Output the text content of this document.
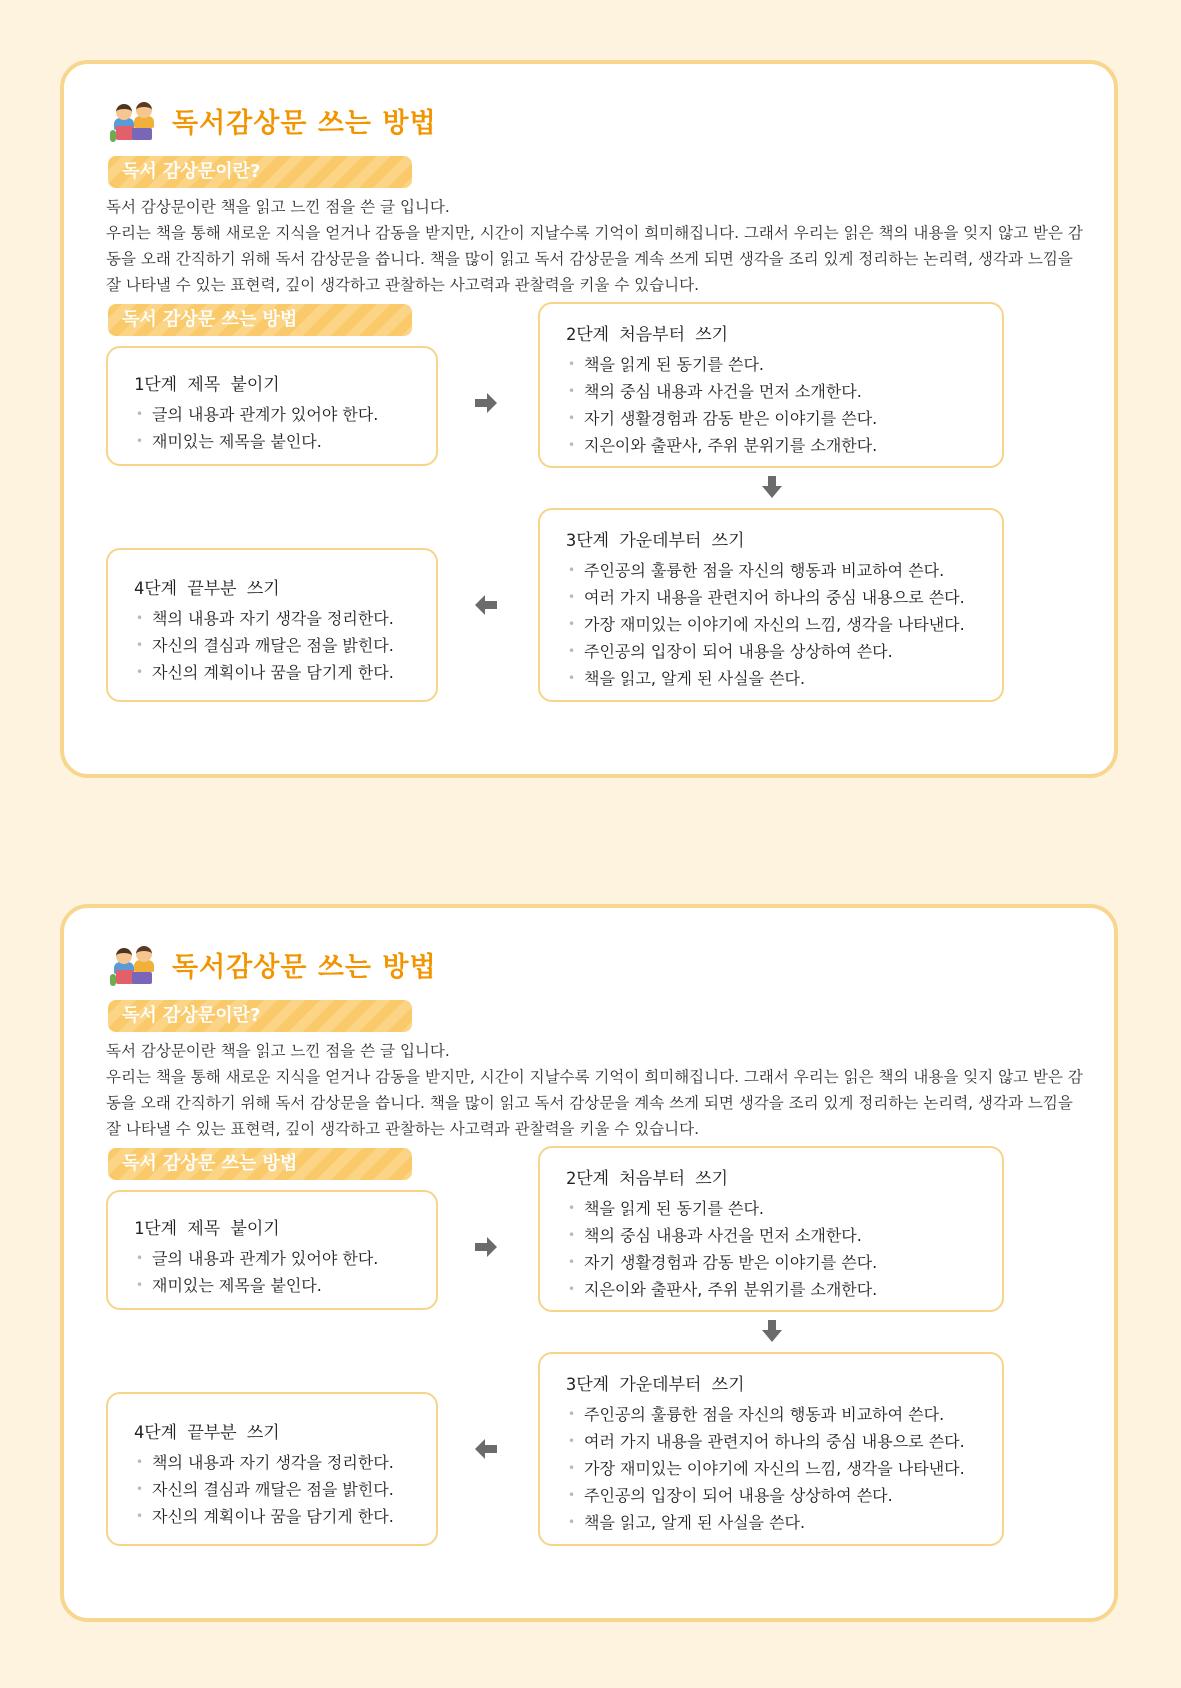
독서감상문 쓰는 방법
독서 감상문이란?

독서 감상문이란 책을 읽고 느낀 점을 쓴 글 입니다.

우리는 책을 통해 새로운 지식을 얻거나 감동을 받지만, 시간이 지날수록 기억이 희미해집니다. 그래서 우리는 읽은 책의 내용을 잊지 않고 받은 감동을 오래 간직하기 위해 독서 감상문을 씁니다. 책을 많이 읽고 독서 감상문을 계속 쓰게 되면 생각을 조리 있게 정리하는 논리력, 생각과 느낌을 잘 나타낼 수 있는 표현력, 깊이 생각하고 관찰하는 사고력과 관찰력을 키울 수 있습니다.

독서 감상문 쓰는 방법
1단계 제목 붙이기
• 글의 내용과 관계가 있어야 한다.
• 재미있는 제목을 붙인다.
2단계 처음부터 쓰기
• 책을 읽게 된 동기를 쓴다.
• 책의 중심 내용과 사건을 먼저 소개한다.
• 자기 생활경험과 감동 받은 이야기를 쓴다.
• 지은이와 출판사, 주위 분위기를 소개한다.
3단계 가운데부터 쓰기
• 주인공의 훌륭한 점을 자신의 행동과 비교하여 쓴다.
• 여러 가지 내용을 관련지어 하나의 중심 내용으로 쓴다.
• 가장 재미있는 이야기에 자신의 느낌, 생각을 나타낸다.
• 주인공의 입장이 되어 내용을 상상하여 쓴다.
• 책을 읽고, 알게 된 사실을 쓴다.
4단계 끝부분 쓰기
• 책의 내용과 자기 생각을 정리한다.
• 자신의 결심과 깨달은 점을 밝힌다.
• 자신의 계획이나 꿈을 담기게 한다.
독서감상문 쓰는 방법
독서 감상문이란?

독서 감상문이란 책을 읽고 느낀 점을 쓴 글 입니다.

우리는 책을 통해 새로운 지식을 얻거나 감동을 받지만, 시간이 지날수록 기억이 희미해집니다. 그래서 우리는 읽은 책의 내용을 잊지 않고 받은 감동을 오래 간직하기 위해 독서 감상문을 씁니다. 책을 많이 읽고 독서 감상문을 계속 쓰게 되면 생각을 조리 있게 정리하는 논리력, 생각과 느낌을 잘 나타낼 수 있는 표현력, 깊이 생각하고 관찰하는 사고력과 관찰력을 키울 수 있습니다.

독서 감상문 쓰는 방법
1단계 제목 붙이기
• 글의 내용과 관계가 있어야 한다.
• 재미있는 제목을 붙인다.
2단계 처음부터 쓰기
• 책을 읽게 된 동기를 쓴다.
• 책의 중심 내용과 사건을 먼저 소개한다.
• 자기 생활경험과 감동 받은 이야기를 쓴다.
• 지은이와 출판사, 주위 분위기를 소개한다.
3단계 가운데부터 쓰기
• 주인공의 훌륭한 점을 자신의 행동과 비교하여 쓴다.
• 여러 가지 내용을 관련지어 하나의 중심 내용으로 쓴다.
• 가장 재미있는 이야기에 자신의 느낌, 생각을 나타낸다.
• 주인공의 입장이 되어 내용을 상상하여 쓴다.
• 책을 읽고, 알게 된 사실을 쓴다.
4단계 끝부분 쓰기
• 책의 내용과 자기 생각을 정리한다.
• 자신의 결심과 깨달은 점을 밝힌다.
• 자신의 계획이나 꿈을 담기게 한다.
